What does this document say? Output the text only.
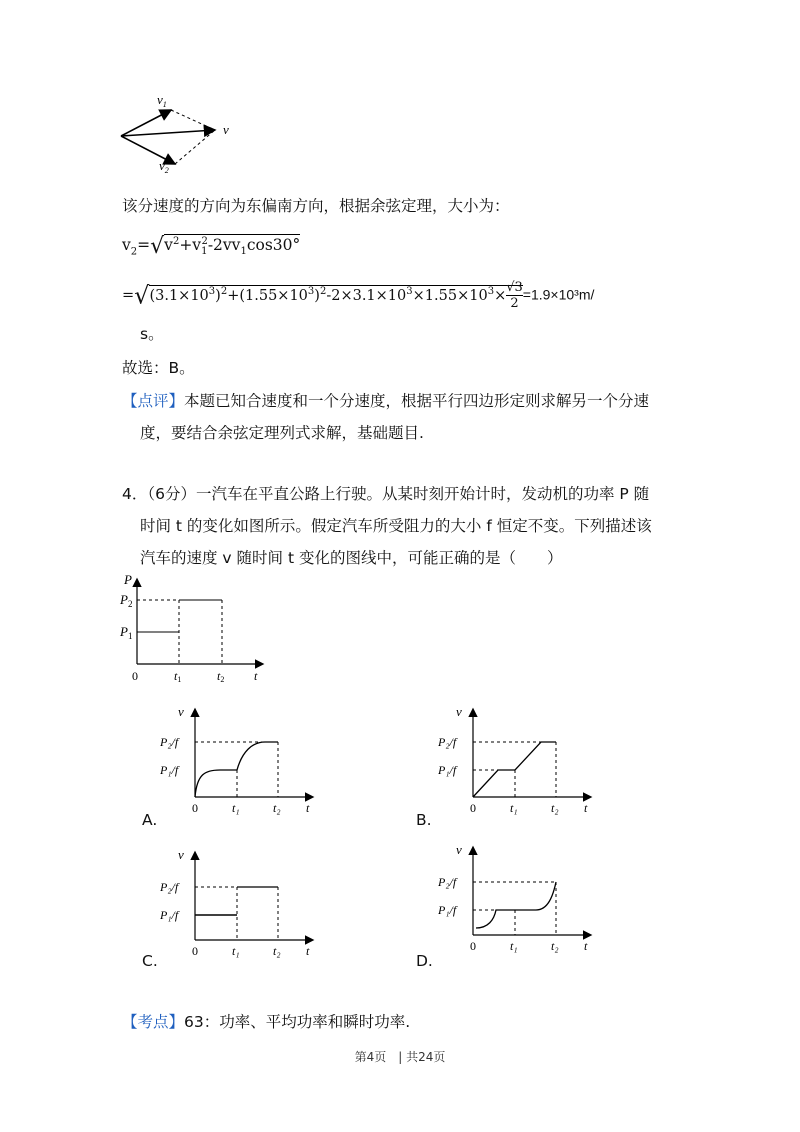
$v_1$
v
$v_2$
该分速度的方向为东偏南方向，根据余弦定理，大小为：
$v_2=√v^2+v_1^2-2vv_1\cos 30^\circ$
$=√(3.1\times 10^3)^2+(1.55\times 10^3)^2-2\times 3.1\times 10^3\times 1.55\times 10^3\times \frac{√3}{2} =1.9\times 10^3m/$
s。
故选：B。
【点评】本题已知合速度和一个分速度，根据平行四边形定则求解另一个分速
度，要结合余弦定理列式求解，基础题目.
4．（6分）一汽车在平直公路上行驶。从某时刻开始计时，发动机的功率 P 随
时间 t 的变化如图所示。假定汽车所受阻力的大小 f 恒定不变。下列描述该
汽车的速度 v 随时间 t 变化的图线中，可能正确的是（　　）
P
$P_2$
$P_1$
0	t1	t2 t
v
P₂/f
P₁/f
0	t₁	t₂ t
A.
v
P₂/f
P₁/f
0	t₁	t₂ t
B.
v
P₂/f
P₁/f
0	t₁	t₂ t
C.
v
P₂/f
P₁/f
0	t₁	t₂ t
D.
【考点】63：功率、平均功率和瞬时功率.
第4页　| 共24页
